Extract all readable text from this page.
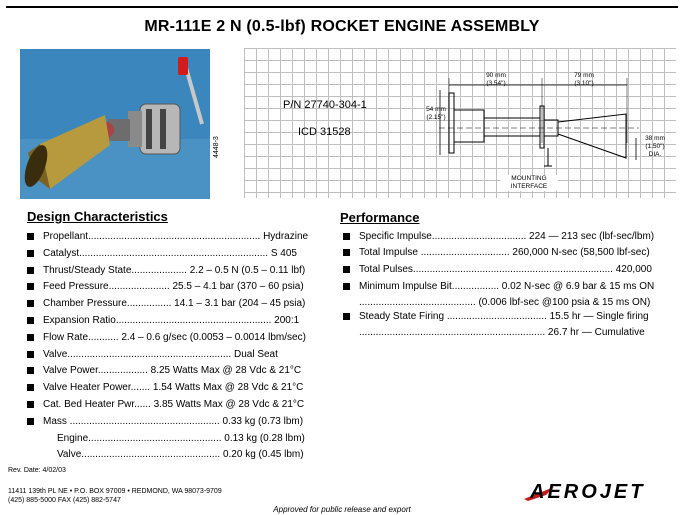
MR-111E 2 N (0.5-lbf) ROCKET ENGINE ASSEMBLY
4448-3
90 mm
(3.54")
79 mm
(3.10")
54 mm
(2.15")
38 mm
(1.50")
DIA.
MOUNTING
INTERFACE
P/N 27740-304-1
ICD 31528
Design Characteristics
Propellant.............................................................. Hydrazine
Catalyst.................................................................... S 405
Thrust/Steady State.................... 2.2 – 0.5 N (0.5 – 0.11 lbf)
Feed Pressure...................... 25.5 – 4.1 bar (370 – 60 psia)
Chamber Pressure................ 14.1 – 3.1 bar (204 – 45 psia)
Expansion Ratio........................................................ 200:1
Flow Rate........... 2.4 – 0.6 g/sec (0.0053 – 0.0014 lbm/sec)
Valve........................................................... Dual Seat
Valve Power.................. 8.25 Watts Max @ 28 Vdc & 21°C
Valve Heater Power....... 1.54 Watts Max @ 28 Vdc & 21°C
Cat. Bed Heater Pwr...... 3.85 Watts Max @ 28 Vdc & 21°C
Mass ...................................................... 0.33 kg (0.73 lbm)
Engine................................................ 0.13 kg (0.28 lbm)
Valve.................................................. 0.20 kg (0.45 lbm)
Performance
Specific Impulse.................................. 224 — 213 sec (lbf-sec/lbm)
Total Impulse ................................ 260,000 N-sec (58,500 lbf-sec)
Total Pulses........................................................................ 420,000
Minimum Impulse Bit................. 0.02 N-sec @ 6.9 bar & 15 ms ON
Steady State Firing .................................... 15.5 hr — Single firing
.......................................... (0.006 lbf-sec @100 psia & 15 ms ON)
................................................................... 26.7 hr — Cumulative
Rev. Date: 4/02/03
11411 139th PL NE • P.O. BOX 97009 • REDMOND, WA 98073-9709
(425) 885-5000 FAX (425) 882-5747	AEROJET
Approved for public release and export
